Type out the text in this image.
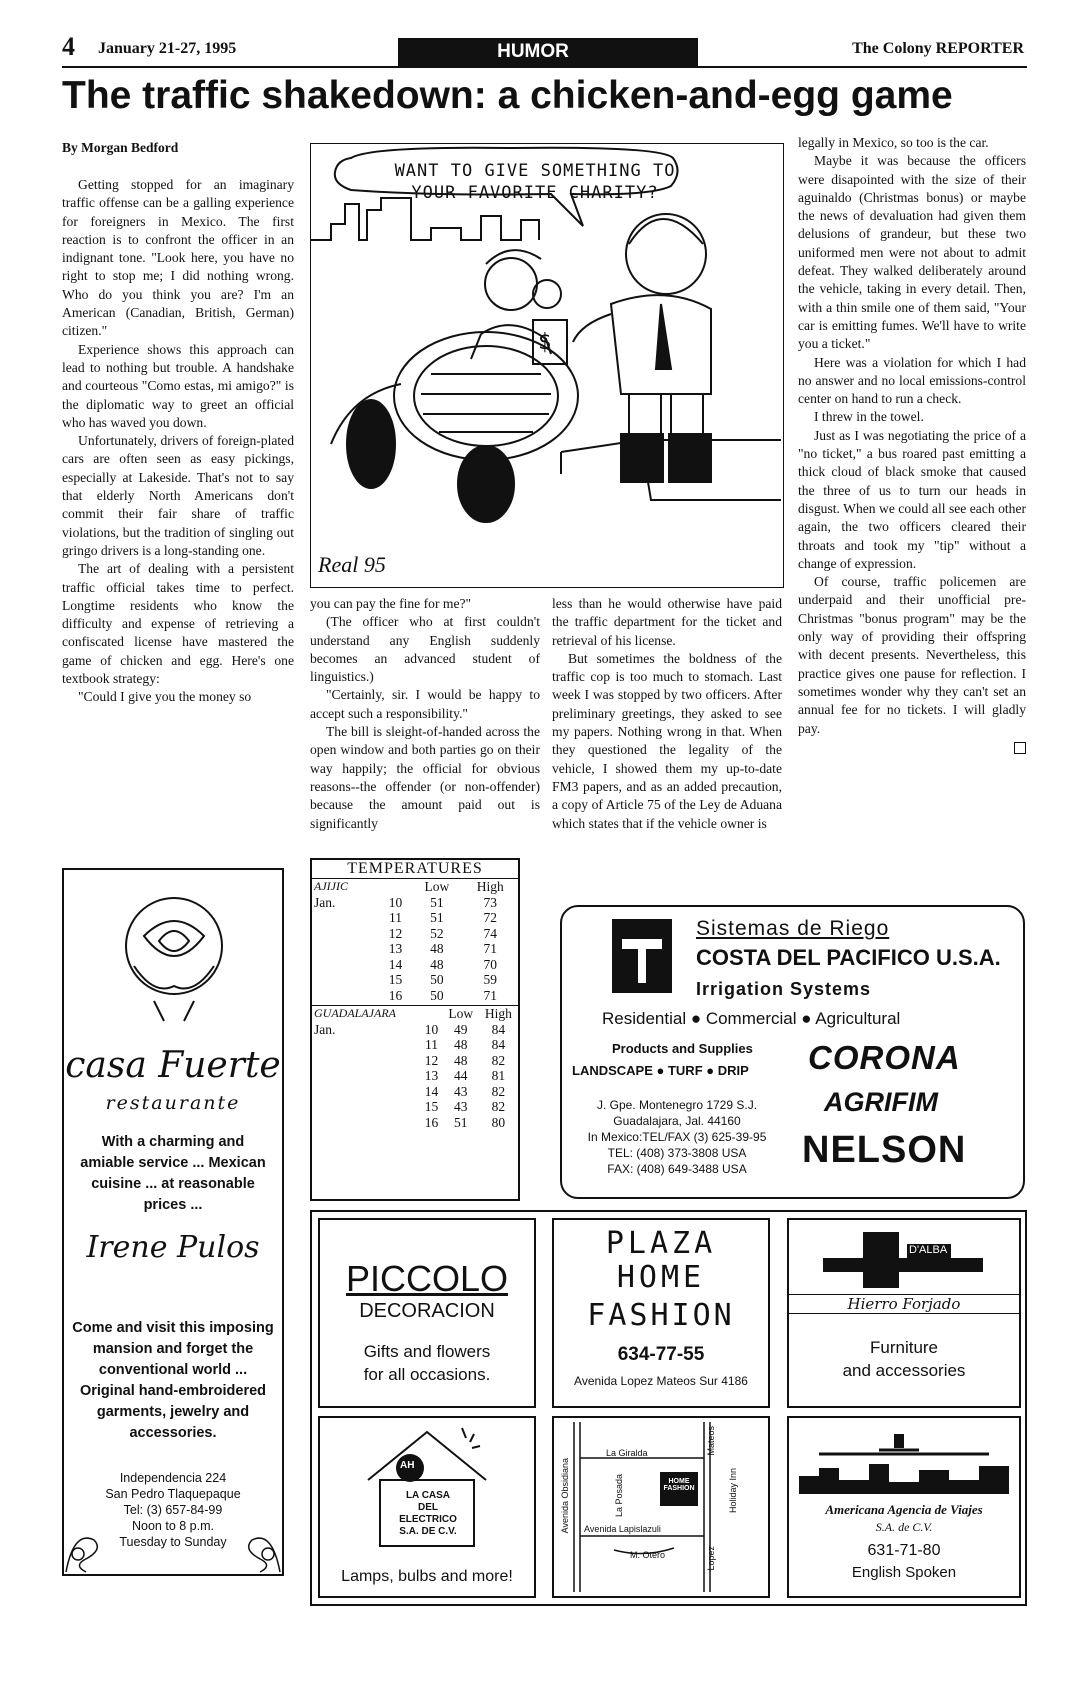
4 January 21-27, 1995	HUMOR	The Colony REPORTER
The traffic shakedown: a chicken-and-egg game
By Morgan Bedford

Getting stopped for an imaginary traffic offense can be a galling experience for foreigners in Mexico. The first reaction is to confront the officer in an indignant tone. "Look here, you have no right to stop me; I did nothing wrong. Who do you think you are? I'm an American (Canadian, British, German) citizen."

Experience shows this approach can lead to nothing but trouble. A handshake and courteous "Como estas, mi amigo?" is the diplomatic way to greet an official who has waved you down.

Unfortunately, drivers of foreign-plated cars are often seen as easy pickings, especially at Lakeside. That's not to say that elderly North Americans don't commit their fair share of traffic violations, but the tradition of singling out gringo drivers is a long-standing one.

The art of dealing with a persistent traffic official takes time to perfect. Longtime residents who know the difficulty and expense of retrieving a confiscated license have mastered the game of chicken and egg. Here's one textbook strategy:

"Could I give you the money so

you can pay the fine for me?"

(The officer who at first couldn't understand any English suddenly becomes an advanced student of linguistics.)

"Certainly, sir. I would be happy to accept such a responsibility."

The bill is sleight-of-handed across the open window and both parties go on their way happily; the official for obvious reasons--the offender (or non-offender) because the amount paid out is significantly

less than he would otherwise have paid the traffic department for the ticket and retrieval of his license.

But sometimes the boldness of the traffic cop is too much to stomach. Last week I was stopped by two officers. After preliminary greetings, they asked to see my papers. Nothing wrong in that. When they questioned the legality of the vehicle, I showed them my up-to-date FM3 papers, and as an added precaution, a copy of Article 75 of the Ley de Aduana which states that if the vehicle owner is

legally in Mexico, so too is the car.

Maybe it was because the officers were disapointed with the size of their aguinaldo (Christmas bonus) or maybe the news of devaluation had given them delusions of grandeur, but these two uniformed men were not about to admit defeat. They walked deliberately around the vehicle, taking in every detail. Then, with a thin smile one of them said, "Your car is emitting fumes. We'll have to write you a ticket."

Here was a violation for which I had no answer and no local emissions-control center on hand to run a check.

I threw in the towel.

Just as I was negotiating the price of a "no ticket," a bus roared past emitting a thick cloud of black smoke that caused the three of us to turn our heads in disgust. When we could all see each other again, the two officers cleared their throats and took my "tip" without a change of expression.

Of course, traffic policemen are underpaid and their unofficial pre-Christmas "bonus program" may be the only way of providing their offspring with decent presents. Nevertheless, this practice gives one pause for reflection. I sometimes wonder why they can't set an annual fee for no tickets. I will gladly pay.

WANT TO GIVE SOMETHING TO
YOUR FAVORITE CHARITY?
$
Real 95
TEMPERATURES
AJIJIC		Low	High
Jan.	10	51	73
	11	51	72
	12	52	74
	13	48	71
	14	48	70
	15	50	59
	16	50	71
GUADALAJARA		Low	High
Jan.	10	49	84
	11	48	84
	12	48	82
	13	44	81
	14	43	82
	15	43	82
	16	51	80
casa Fuerte
restaurante
With a charming and amiable service ... Mexican cuisine ... at reasonable prices ...
Irene Pulos
Come and visit this imposing mansion and forget the conventional world ... Original hand-embroidered garments, jewelry and accessories.
Independencia 224
San Pedro Tlaquepaque
Tel: (3) 657-84-99
Noon to 8 p.m.
Tuesday to Sunday
Sistemas de Riego
COSTA DEL PACIFICO U.S.A.
Irrigation Systems
Residential ● Commercial ● Agricultural
Products and Supplies
LANDSCAPE ● TURF ● DRIP
J. Gpe. Montenegro 1729 S.J.
Guadalajara, Jal. 44160
In Mexico:TEL/FAX (3) 625-39-95
TEL: (408) 373-3808 USA
FAX: (408) 649-3488 USA
CORONA
AGRIFIM
NELSON
PICCOLO
DECORACION
Gifts and flowers
for all occasions.
PLAZA
HOME
FASHION
634-77-55
Avenida Lopez Mateos Sur 4186
D'ALBA
Hierro Forjado
Furniture
and accessories
AH
LA CASA
DEL
ELECTRICO
S.A. DE C.V.
Lamps, bulbs and more!
La Giralda	Mateos
La Posada	HOME FASHION	Holiday Inn
Avenida Obsidiana Avenida Lapislazuli
M. Otero	Lopez
Americana Agencia de Viajes
S.A. de C.V.
631-71-80
English Spoken
